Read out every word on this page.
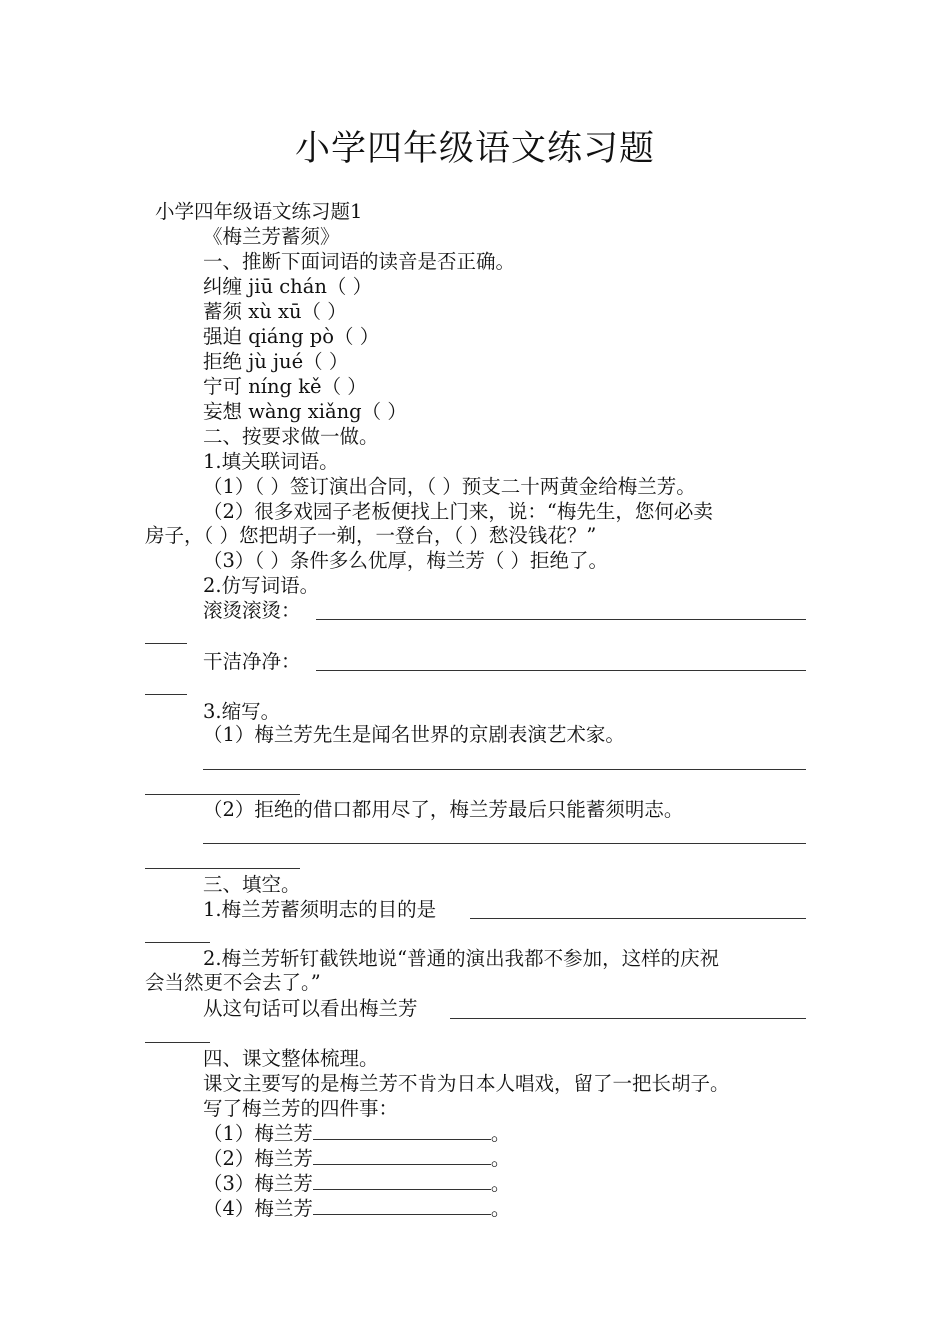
小学四年级语文练习题
小学四年级语文练习题1
《梅兰芳蓄须》
一、推断下面词语的读音是否正确。
纠缠 jiū chán（ ）
蓄须 xù xū（ ）
强迫 qiáng pò（ ）
拒绝 jù jué（ ）
宁可 níng kě（ ）
妄想 wàng xiǎng（ ）
二、按要求做一做。
1.填关联词语。
（1）（ ）签订演出合同，（ ）预支二十两黄金给梅兰芳。
（2）很多戏园子老板便找上门来，说：“梅先生，您何必卖
房子，（ ）您把胡子一剃，一登台，（ ）愁没钱花？”
（3）（ ）条件多么优厚，梅兰芳（ ）拒绝了。
2.仿写词语。
滚烫滚烫：
干洁净净：
3.缩写。
（1）梅兰芳先生是闻名世界的京剧表演艺术家。
（2）拒绝的借口都用尽了，梅兰芳最后只能蓄须明志。
三、填空。
1.梅兰芳蓄须明志的目的是
2.梅兰芳斩钉截铁地说“普通的演出我都不参加，这样的庆祝
会当然更不会去了。”
从这句话可以看出梅兰芳
四、课文整体梳理。
课文主要写的是梅兰芳不肯为日本人唱戏，留了一把长胡子。
写了梅兰芳的四件事：
（1）梅兰芳	。
（2）梅兰芳	。
（3）梅兰芳	。
（4）梅兰芳	。
